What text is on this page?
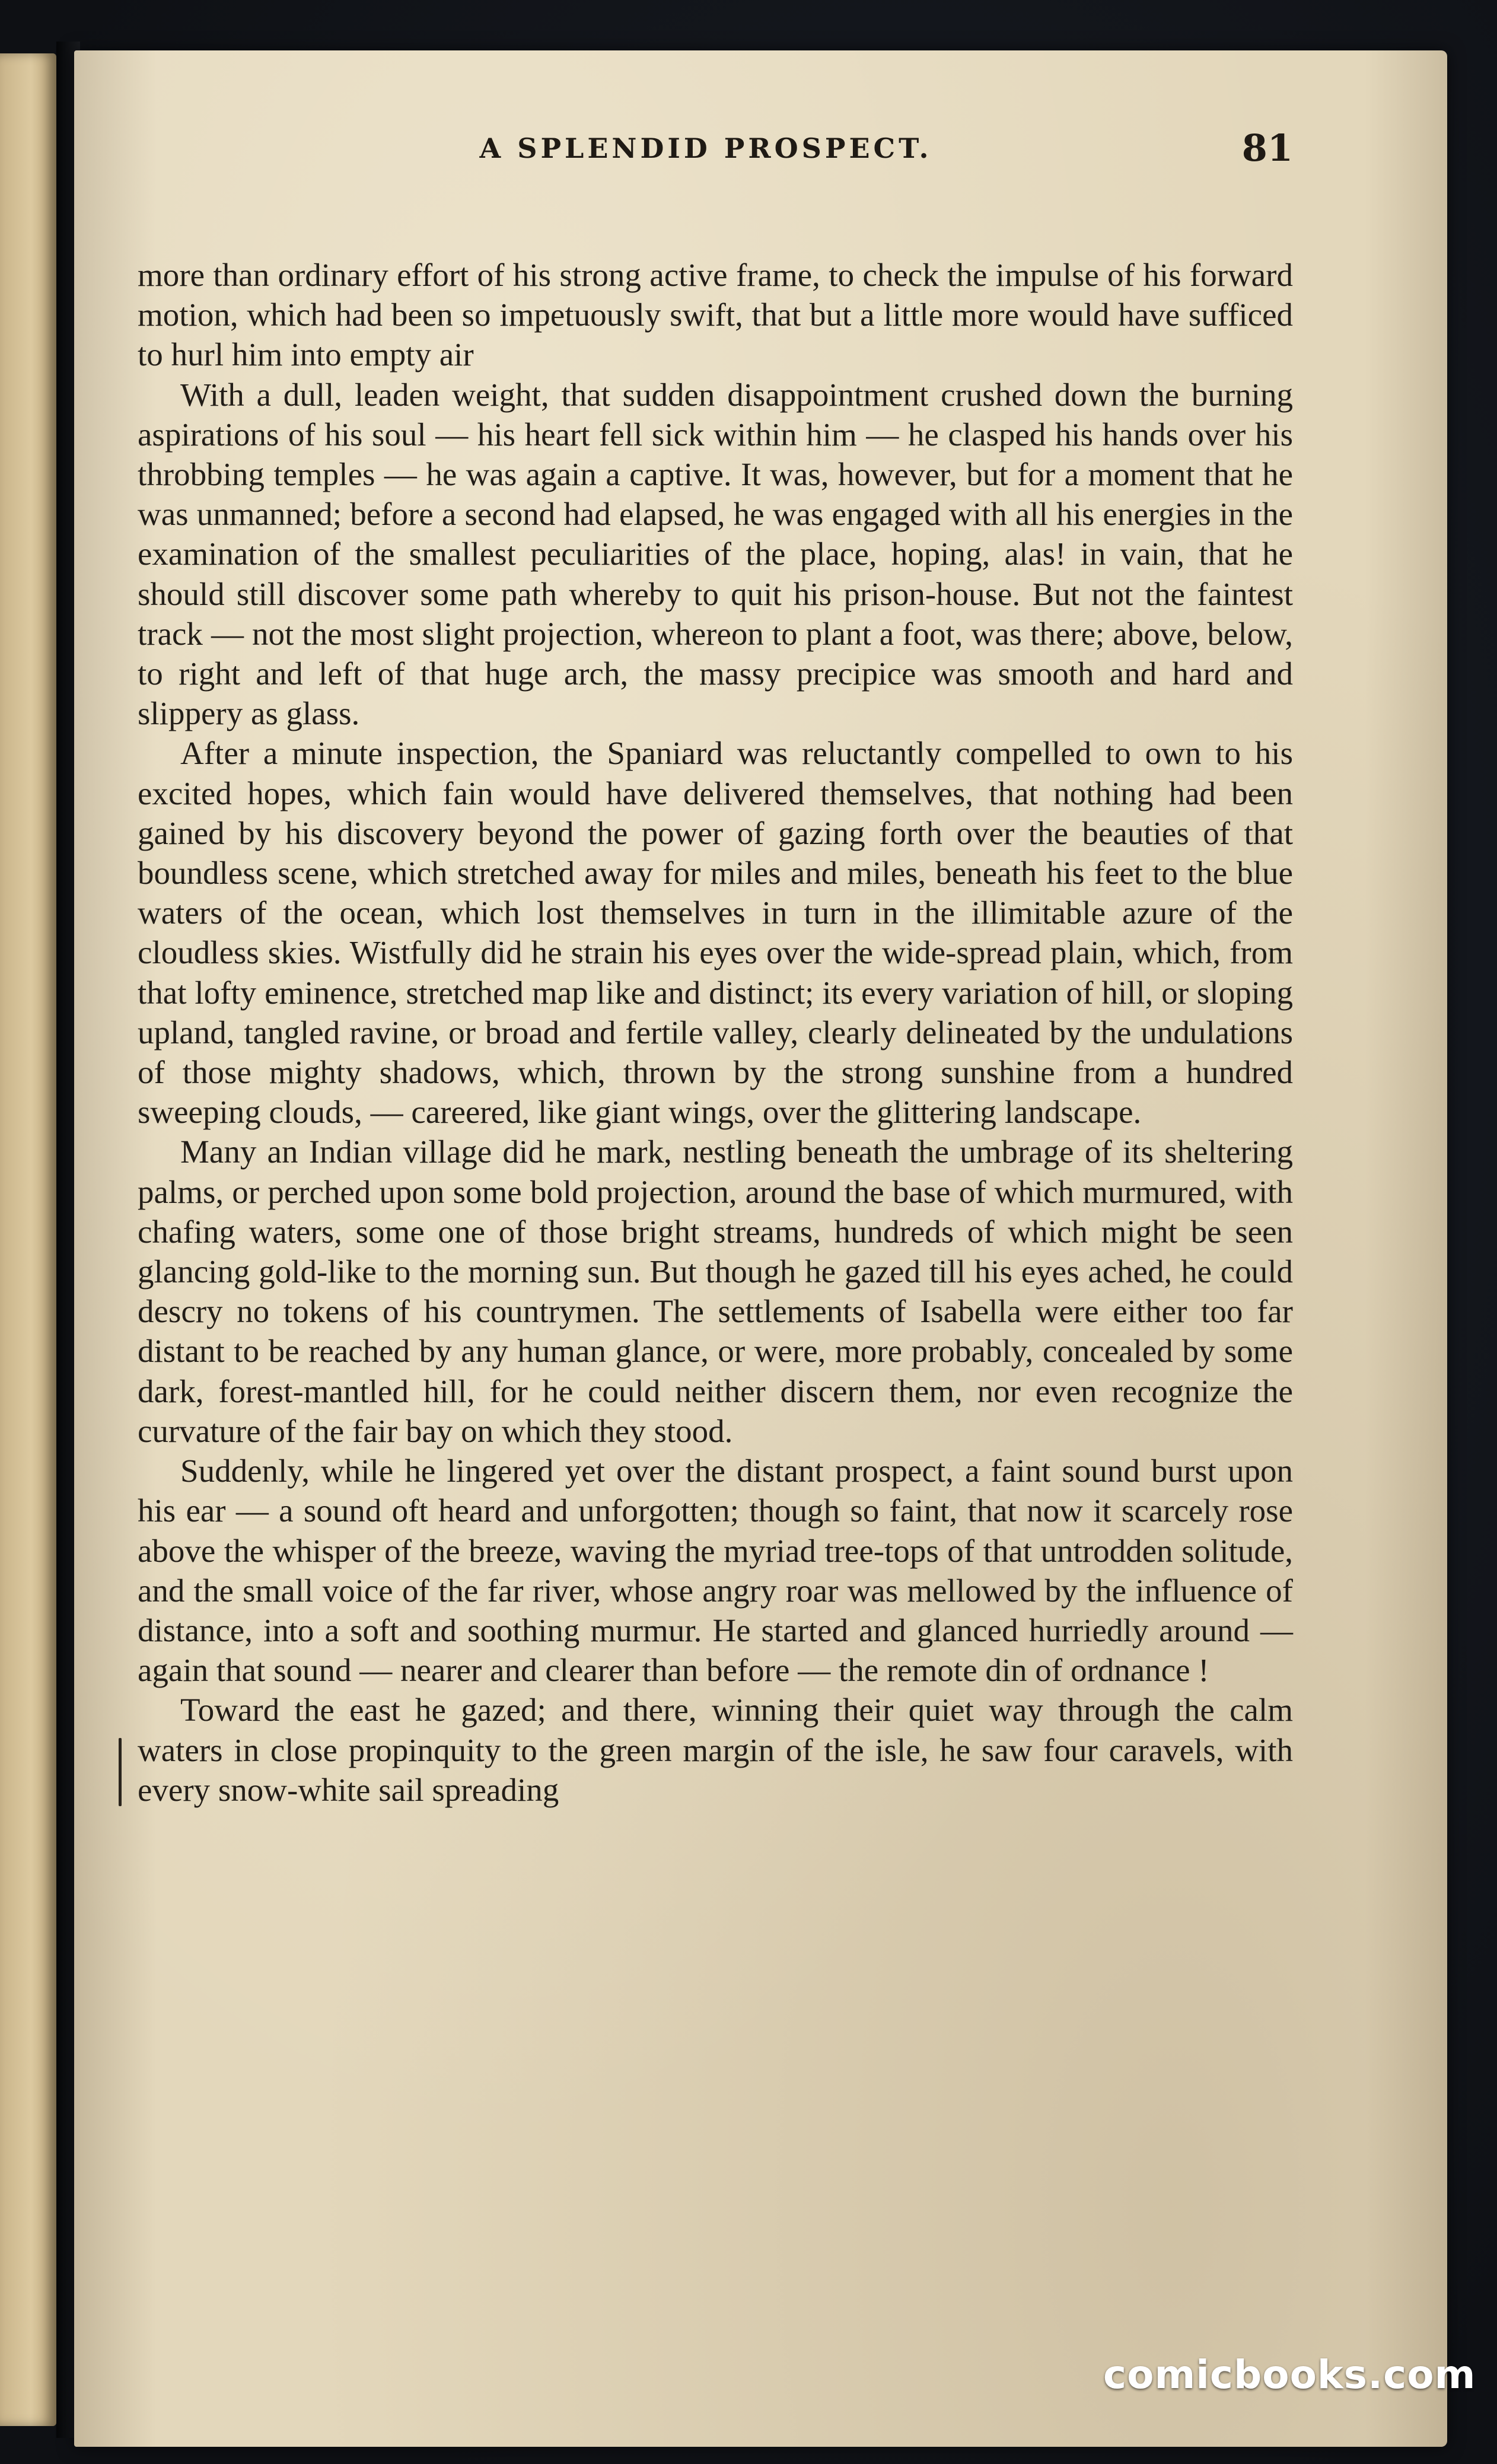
A SPLENDID PROSPECT.	81

more than ordinary effort of his strong active frame, to check the impulse of his forward motion, which had been so impetuously swift, that but a little more would have sufficed to hurl him into empty air

With a dull, leaden weight, that sudden disappointment crushed down the burning aspirations of his soul — his heart fell sick within him — he clasped his hands over his throbbing temples — he was again a captive. It was, however, but for a moment that he was unmanned; before a second had elapsed, he was engaged with all his energies in the examination of the smallest peculiarities of the place, hoping, alas! in vain, that he should still discover some path whereby to quit his prison-house. But not the faintest track — not the most slight projection, whereon to plant a foot, was there; above, below, to right and left of that huge arch, the massy precipice was smooth and hard and slippery as glass.

After a minute inspection, the Spaniard was reluctantly compelled to own to his excited hopes, which fain would have delivered themselves, that nothing had been gained by his discovery beyond the power of gazing forth over the beauties of that boundless scene, which stretched away for miles and miles, beneath his feet to the blue waters of the ocean, which lost themselves in turn in the illimitable azure of the cloudless skies. Wistfully did he strain his eyes over the wide-spread plain, which, from that lofty eminence, stretched map like and distinct; its every variation of hill, or sloping upland, tangled ravine, or broad and fertile valley, clearly delineated by the undulations of those mighty shadows, which, thrown by the strong sunshine from a hundred sweeping clouds, — careered, like giant wings, over the glittering landscape.

Many an Indian village did he mark, nestling beneath the umbrage of its sheltering palms, or perched upon some bold projection, around the base of which murmured, with chafing waters, some one of those bright streams, hundreds of which might be seen glancing gold-like to the morning sun. But though he gazed till his eyes ached, he could descry no tokens of his countrymen. The settlements of Isabella were either too far distant to be reached by any human glance, or were, more probably, concealed by some dark, forest-mantled hill, for he could neither discern them, nor even recognize the curvature of the fair bay on which they stood.

Suddenly, while he lingered yet over the distant prospect, a faint sound burst upon his ear — a sound oft heard and unforgotten; though so faint, that now it scarcely rose above the whisper of the breeze, waving the myriad tree-tops of that untrodden solitude, and the small voice of the far river, whose angry roar was mellowed by the influence of distance, into a soft and soothing murmur. He started and glanced hurriedly around — again that sound — nearer and clearer than before — the remote din of ordnance !

Toward the east he gazed; and there, winning their quiet way through the calm waters in close propinquity to the green margin of the isle, he saw four caravels, with every snow-white sail spreading

comicbooks.com
